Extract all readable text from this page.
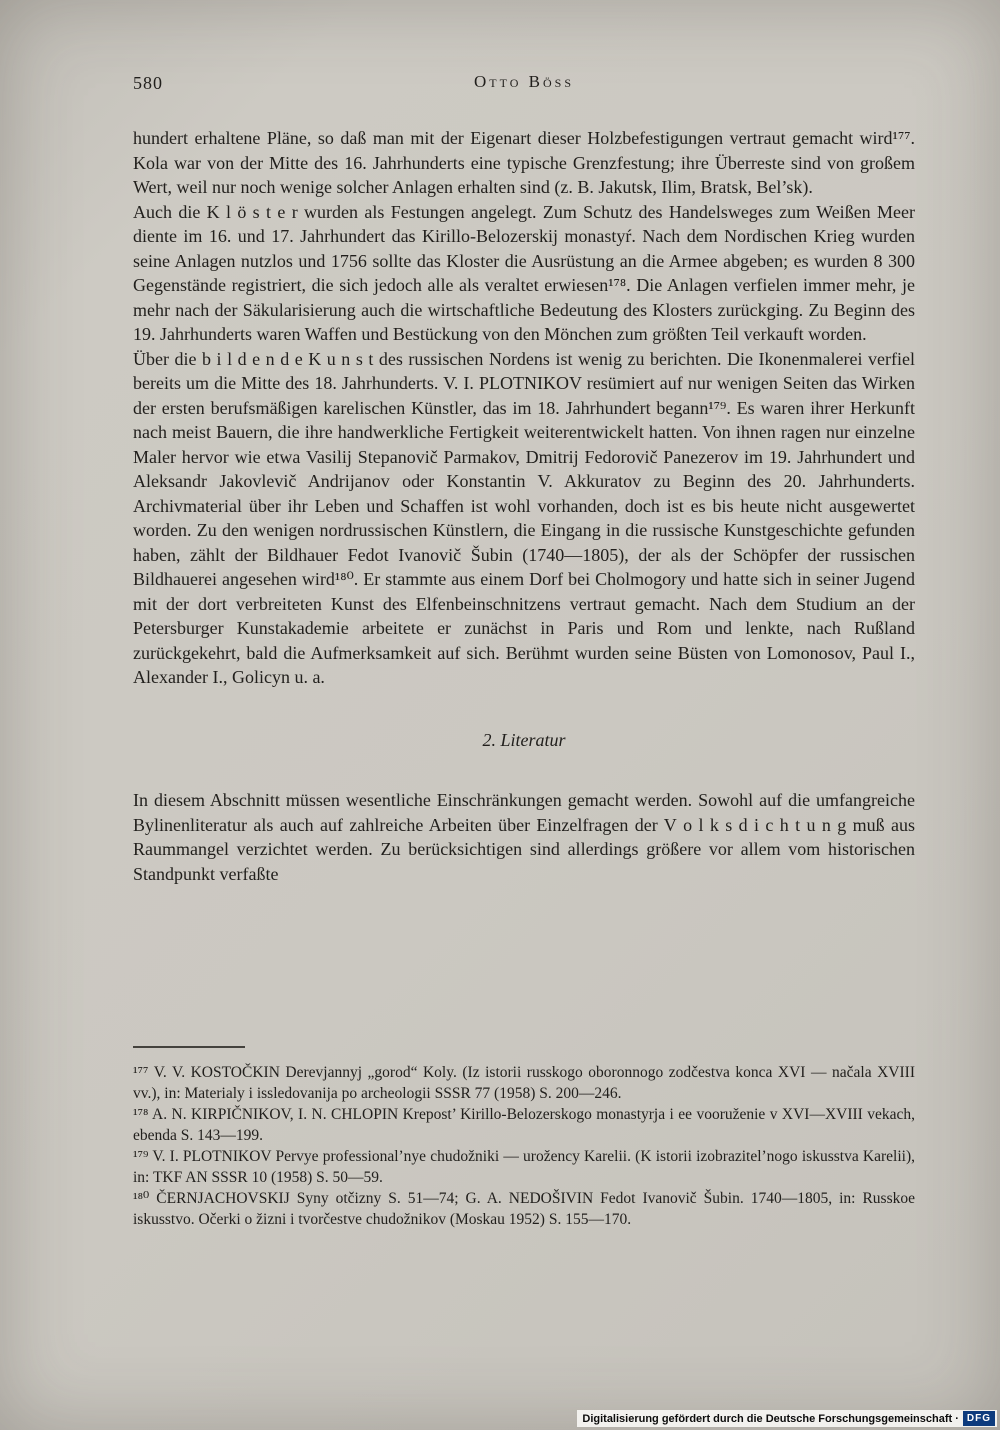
580	Otto Böss

hundert erhaltene Pläne, so daß man mit der Eigenart dieser Holzbefestigungen vertraut gemacht wird¹⁷⁷. Kola war von der Mitte des 16. Jahrhunderts eine typische Grenzfestung; ihre Überreste sind von großem Wert, weil nur noch wenige solcher Anlagen erhalten sind (z. B. Jakutsk, Ilim, Bratsk, Bel’sk).

Auch die K l ö s t e r wurden als Festungen angelegt. Zum Schutz des Handelsweges zum Weißen Meer diente im 16. und 17. Jahrhundert das Kirillo-Belozerskij monastyŕ. Nach dem Nordischen Krieg wurden seine Anlagen nutzlos und 1756 sollte das Kloster die Ausrüstung an die Armee abgeben; es wurden 8 300 Gegenstände registriert, die sich jedoch alle als veraltet erwiesen¹⁷⁸. Die Anlagen verfielen immer mehr, je mehr nach der Säkularisierung auch die wirtschaftliche Bedeutung des Klosters zurückging. Zu Beginn des 19. Jahrhunderts waren Waffen und Bestückung von den Mönchen zum größten Teil verkauft worden.

Über die b i l d e n d e K u n s t des russischen Nordens ist wenig zu berichten. Die Ikonenmalerei verfiel bereits um die Mitte des 18. Jahrhunderts. V. I. PLOTNIKOV resümiert auf nur wenigen Seiten das Wirken der ersten berufsmäßigen karelischen Künstler, das im 18. Jahrhundert begann¹⁷⁹. Es waren ihrer Herkunft nach meist Bauern, die ihre handwerkliche Fertigkeit weiterentwickelt hatten. Von ihnen ragen nur einzelne Maler hervor wie etwa Vasilij Stepanovič Parmakov, Dmitrij Fedorovič Panezerov im 19. Jahrhundert und Aleksandr Jakovlevič Andrijanov oder Konstantin V. Akkuratov zu Beginn des 20. Jahrhunderts. Archivmaterial über ihr Leben und Schaffen ist wohl vorhanden, doch ist es bis heute nicht ausgewertet worden. Zu den wenigen nordrussischen Künstlern, die Eingang in die russische Kunstgeschichte gefunden haben, zählt der Bildhauer Fedot Ivanovič Šubin (1740—1805), der als der Schöpfer der russischen Bildhauerei angesehen wird¹⁸⁰. Er stammte aus einem Dorf bei Cholmogory und hatte sich in seiner Jugend mit der dort verbreiteten Kunst des Elfenbeinschnitzens vertraut gemacht. Nach dem Studium an der Petersburger Kunstakademie arbeitete er zunächst in Paris und Rom und lenkte, nach Rußland zurückgekehrt, bald die Aufmerksamkeit auf sich. Berühmt wurden seine Büsten von Lomonosov, Paul I., Alexander I., Golicyn u. a.

2. Literatur

In diesem Abschnitt müssen wesentliche Einschränkungen gemacht werden. Sowohl auf die umfangreiche Bylinenliteratur als auch auf zahlreiche Arbeiten über Einzelfragen der V o l k s d i c h t u n g muß aus Raummangel verzichtet werden. Zu berücksichtigen sind allerdings größere vor allem vom historischen Standpunkt verfaßte

¹⁷⁷ V. V. KOSTOČKIN Derevjannyj „gorod“ Koly. (Iz istorii russkogo oboronnogo zodčestva konca XVI — načala XVIII vv.), in: Materialy i issledovanija po archeologii SSSR 77 (1958) S. 200—246.

¹⁷⁸ A. N. KIRPIČNIKOV, I. N. CHLOPIN Krepost’ Kirillo-Belozerskogo monastyrja i ee vooruženie v XVI—XVIII vekach, ebenda S. 143—199.

¹⁷⁹ V. I. PLOTNIKOV Pervye professional’nye chudožniki — urožency Karelii. (K istorii izobrazitel’nogo iskusstva Karelii), in: TKF AN SSSR 10 (1958) S. 50—59.

¹⁸⁰ ČERNJACHOVSKIJ Syny otčizny S. 51—74; G. A. NEDOŠIVIN Fedot Ivanovič Šubin. 1740—1805, in: Russkoe iskusstvo. Očerki o žizni i tvorčestve chudožnikov (Moskau 1952) S. 155—170.

Digitalisierung gefördert durch die Deutsche Forschungsgemeinschaft · DFG
